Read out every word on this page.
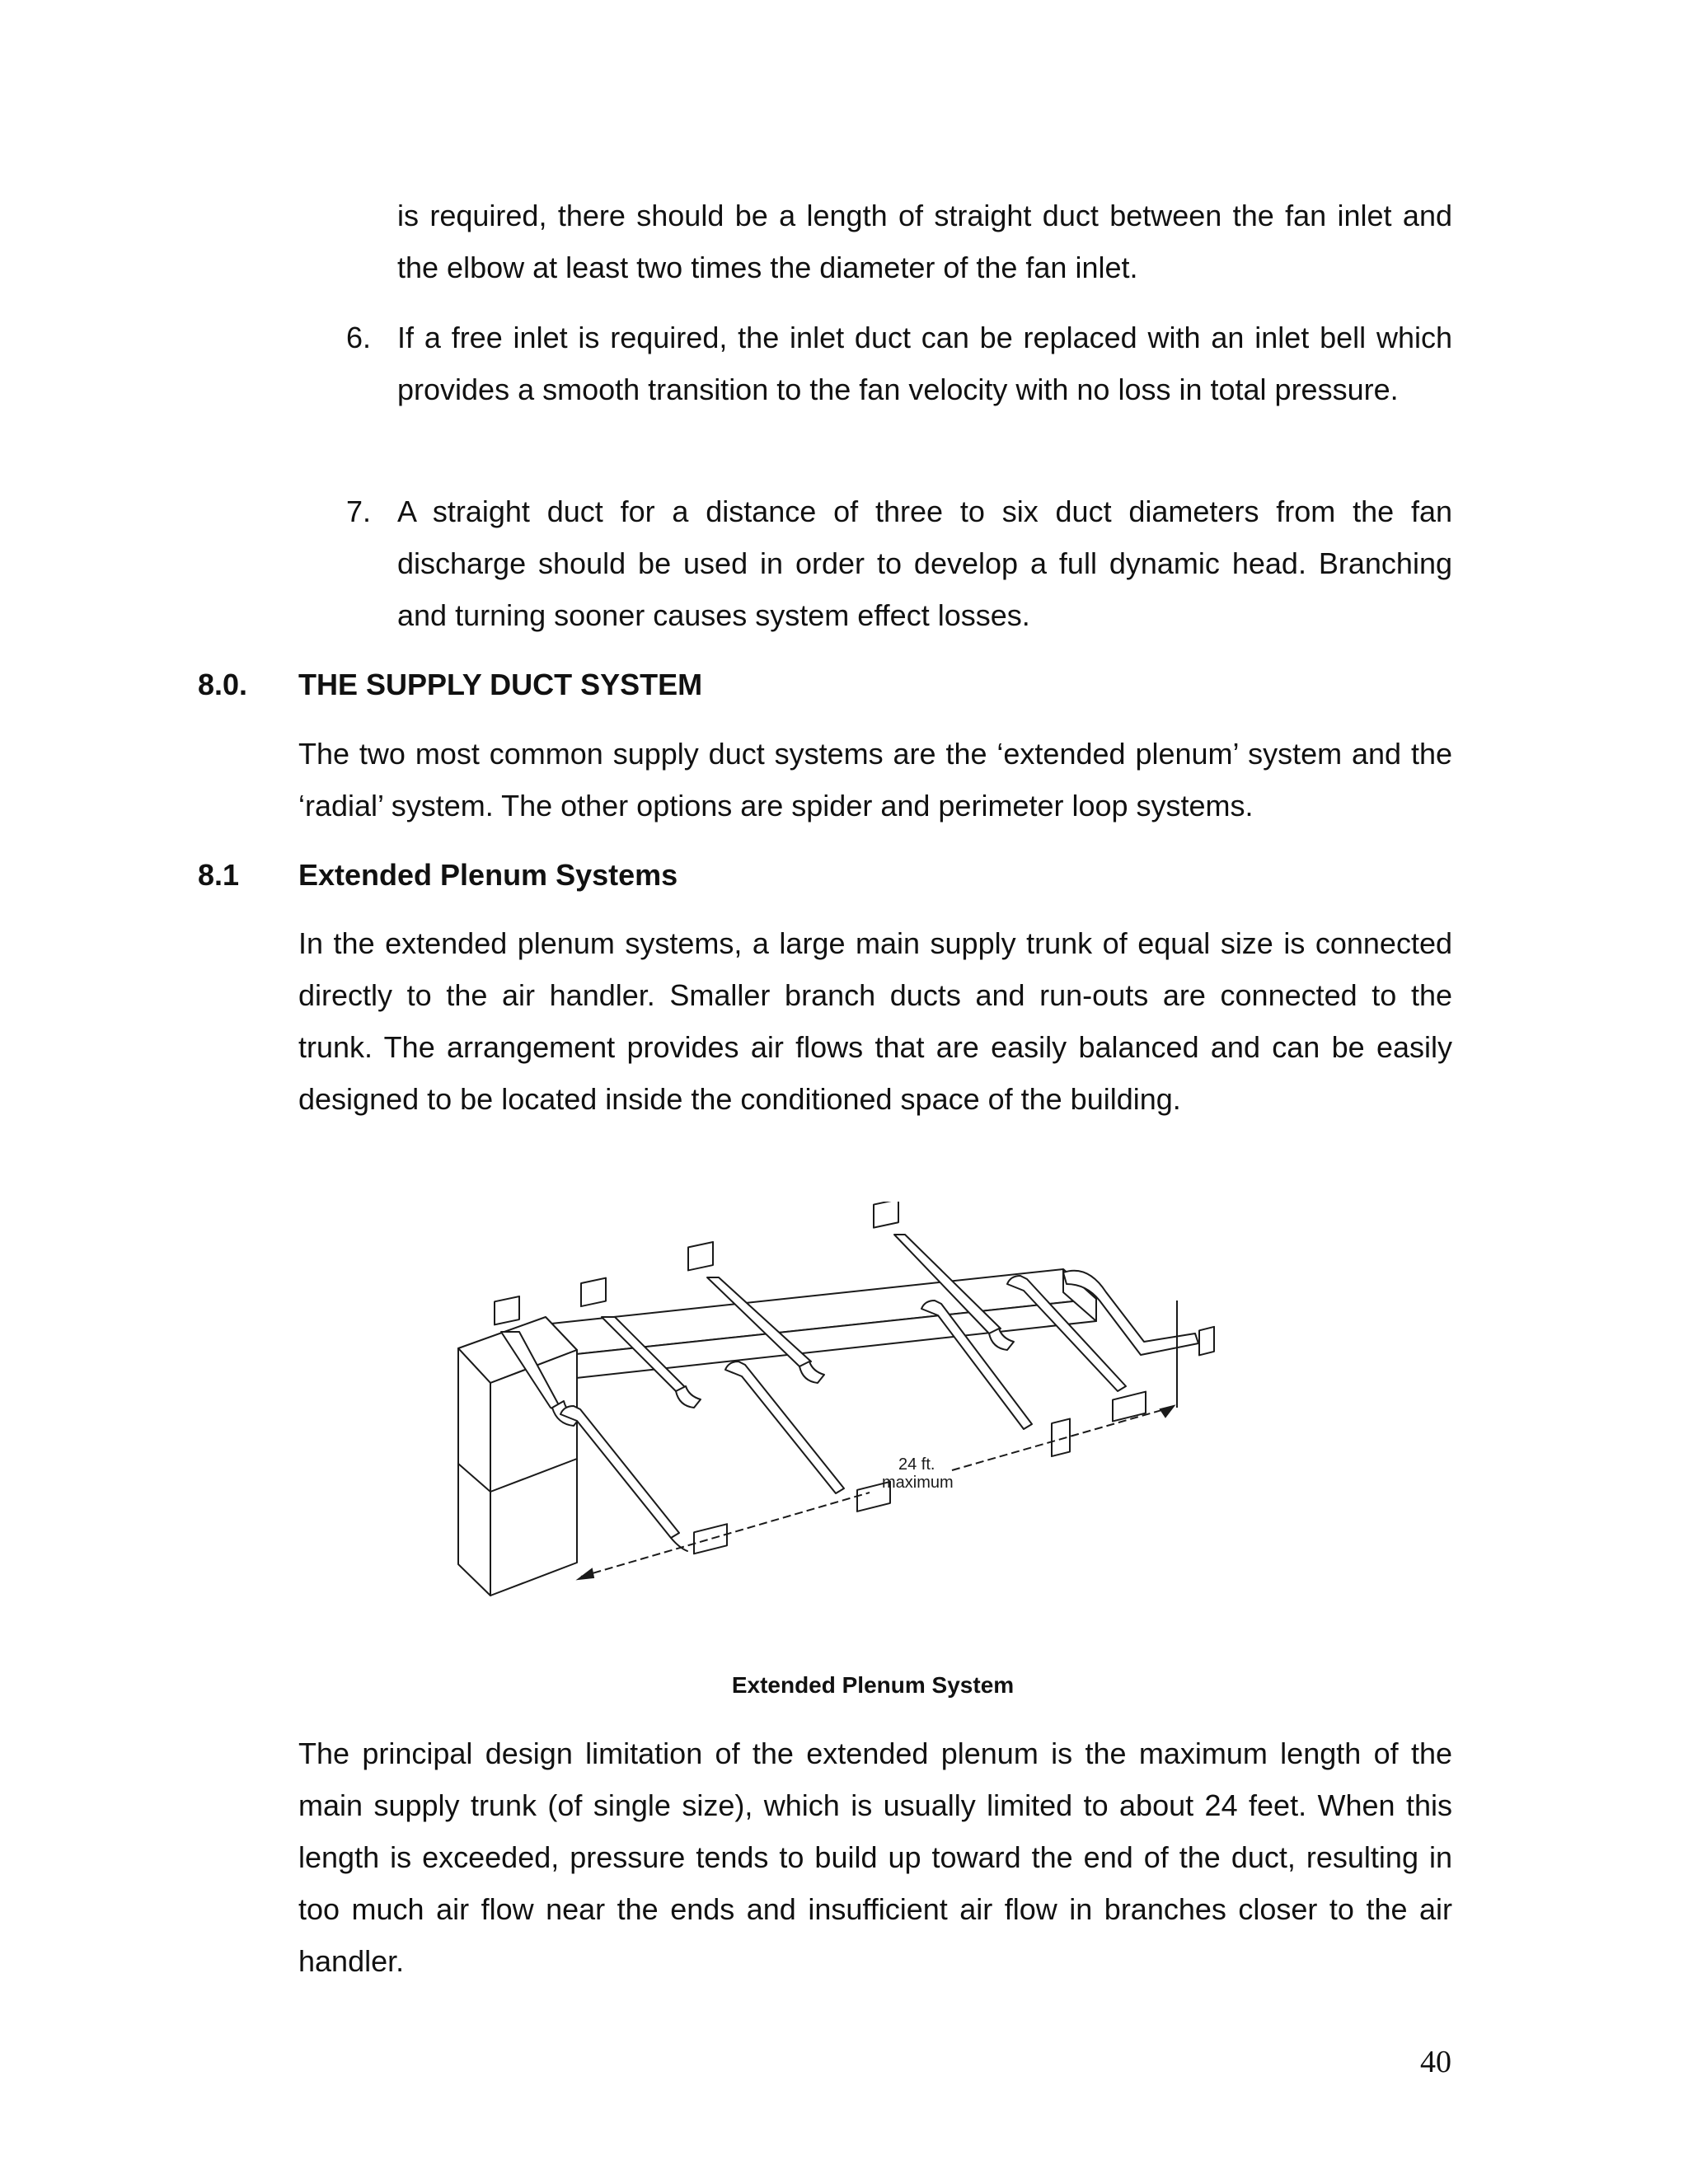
is required, there should be a length of straight duct between the fan inlet and the elbow at least two times the diameter of the fan inlet.

6. If a free inlet is required, the inlet duct can be replaced with an inlet bell which provides a smooth transition to the fan velocity with no loss in total pressure.

7. A straight duct for a distance of three to six duct diameters from the fan discharge should be used in order to develop a full dynamic head. Branching and turning sooner causes system effect losses.

8.0. THE SUPPLY DUCT SYSTEM

The two most common supply duct systems are the ‘extended plenum’ system and the ‘radial’ system. The other options are spider and perimeter loop systems.

8.1 Extended Plenum Systems

In the extended plenum systems, a large main supply trunk of equal size is connected directly to the air handler. Smaller branch ducts and run-outs are connected to the trunk. The arrangement provides air flows that are easily balanced and can be easily designed to be located inside the conditioned space of the building.

24 ft.
maximum

Extended Plenum System

The principal design limitation of the extended plenum is the maximum length of the main supply trunk (of single size), which is usually limited to about 24 feet. When this length is exceeded, pressure tends to build up toward the end of the duct, resulting in too much air flow near the ends and insufficient air flow in branches closer to the air handler.

40
